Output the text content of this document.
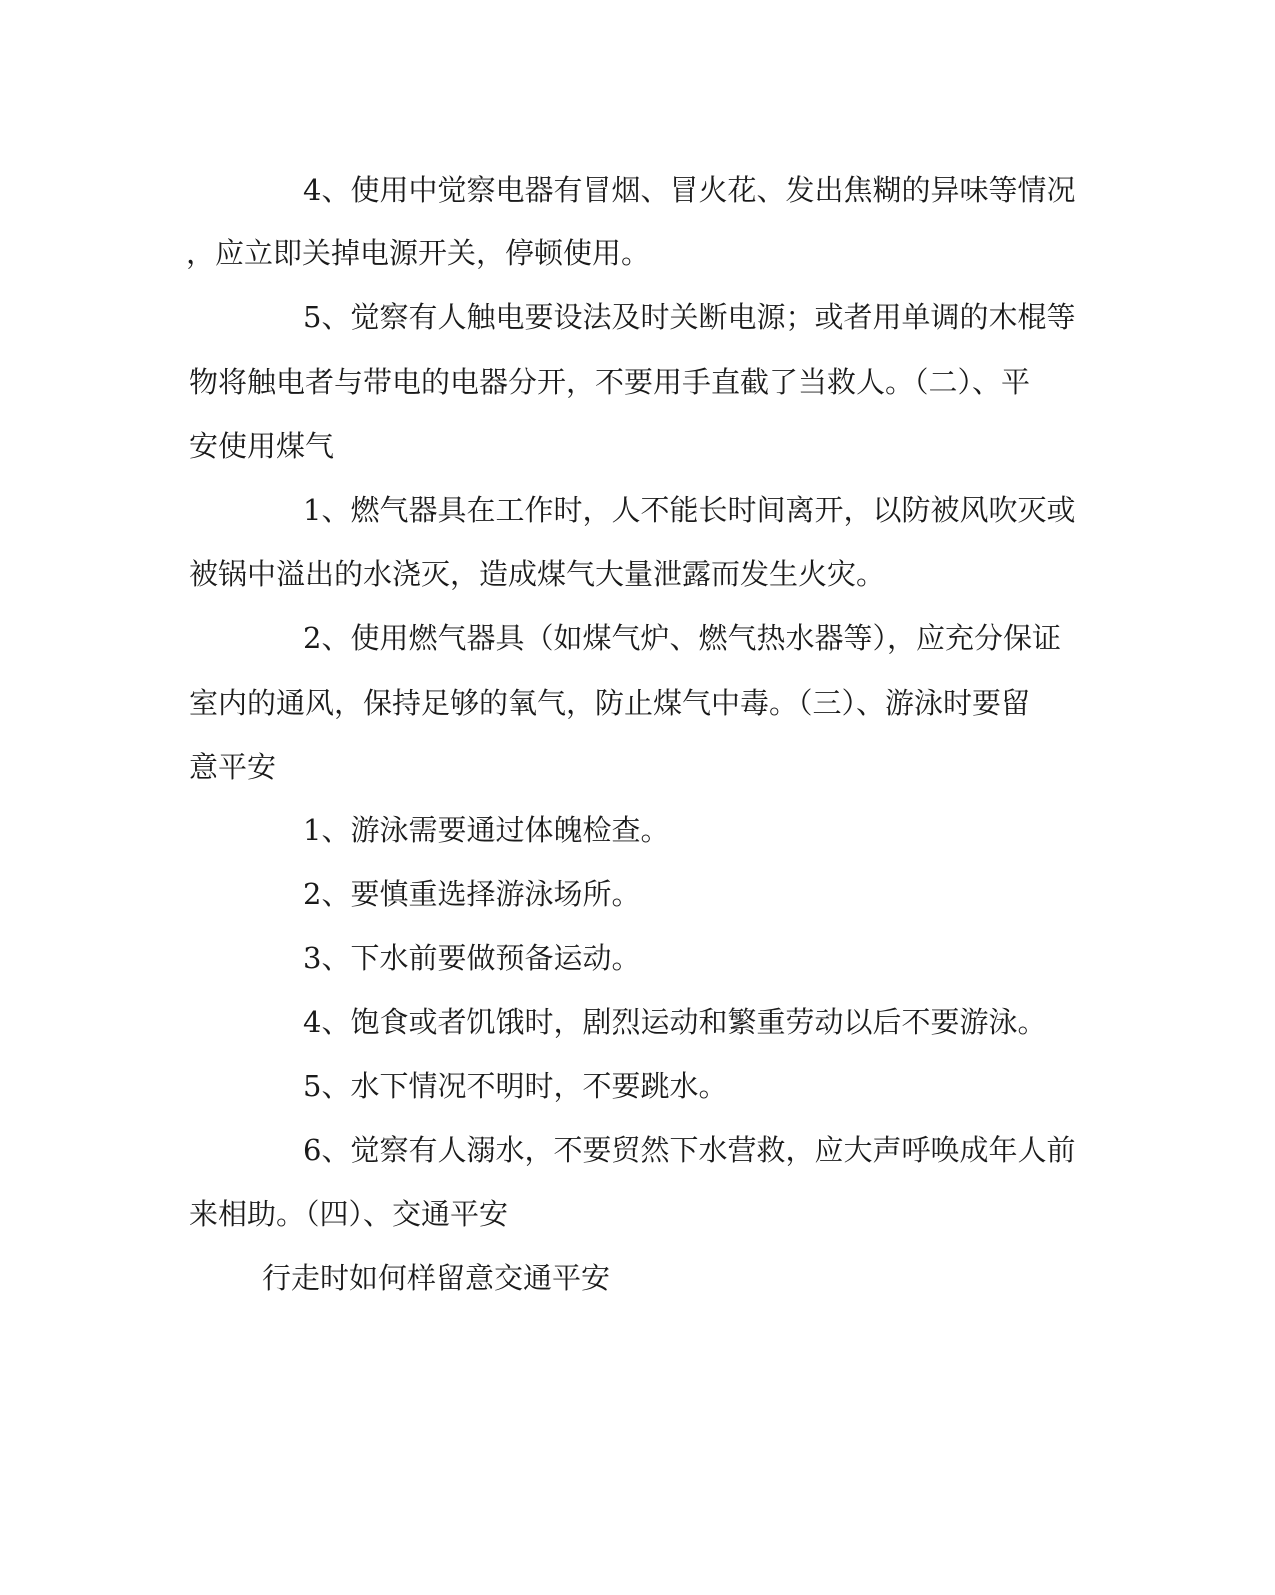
4、使用中觉察电器有冒烟、冒火花、发出焦糊的异味等情况
，应立即关掉电源开关，停顿使用。
5、觉察有人触电要设法及时关断电源；或者用单调的木棍等
物将触电者与带电的电器分开，不要用手直截了当救人。（二）、平
安使用煤气
1、燃气器具在工作时，人不能长时间离开，以防被风吹灭或
被锅中溢出的水浇灭，造成煤气大量泄露而发生火灾。
2、使用燃气器具（如煤气炉、燃气热水器等），应充分保证
室内的通风，保持足够的氧气，防止煤气中毒。（三）、游泳时要留
意平安
1、游泳需要通过体魄检查。
2、要慎重选择游泳场所。
3、下水前要做预备运动。
4、饱食或者饥饿时，剧烈运动和繁重劳动以后不要游泳。
5、水下情况不明时，不要跳水。
6、觉察有人溺水，不要贸然下水营救，应大声呼唤成年人前
来相助。（四）、交通平安
行走时如何样留意交通平安
